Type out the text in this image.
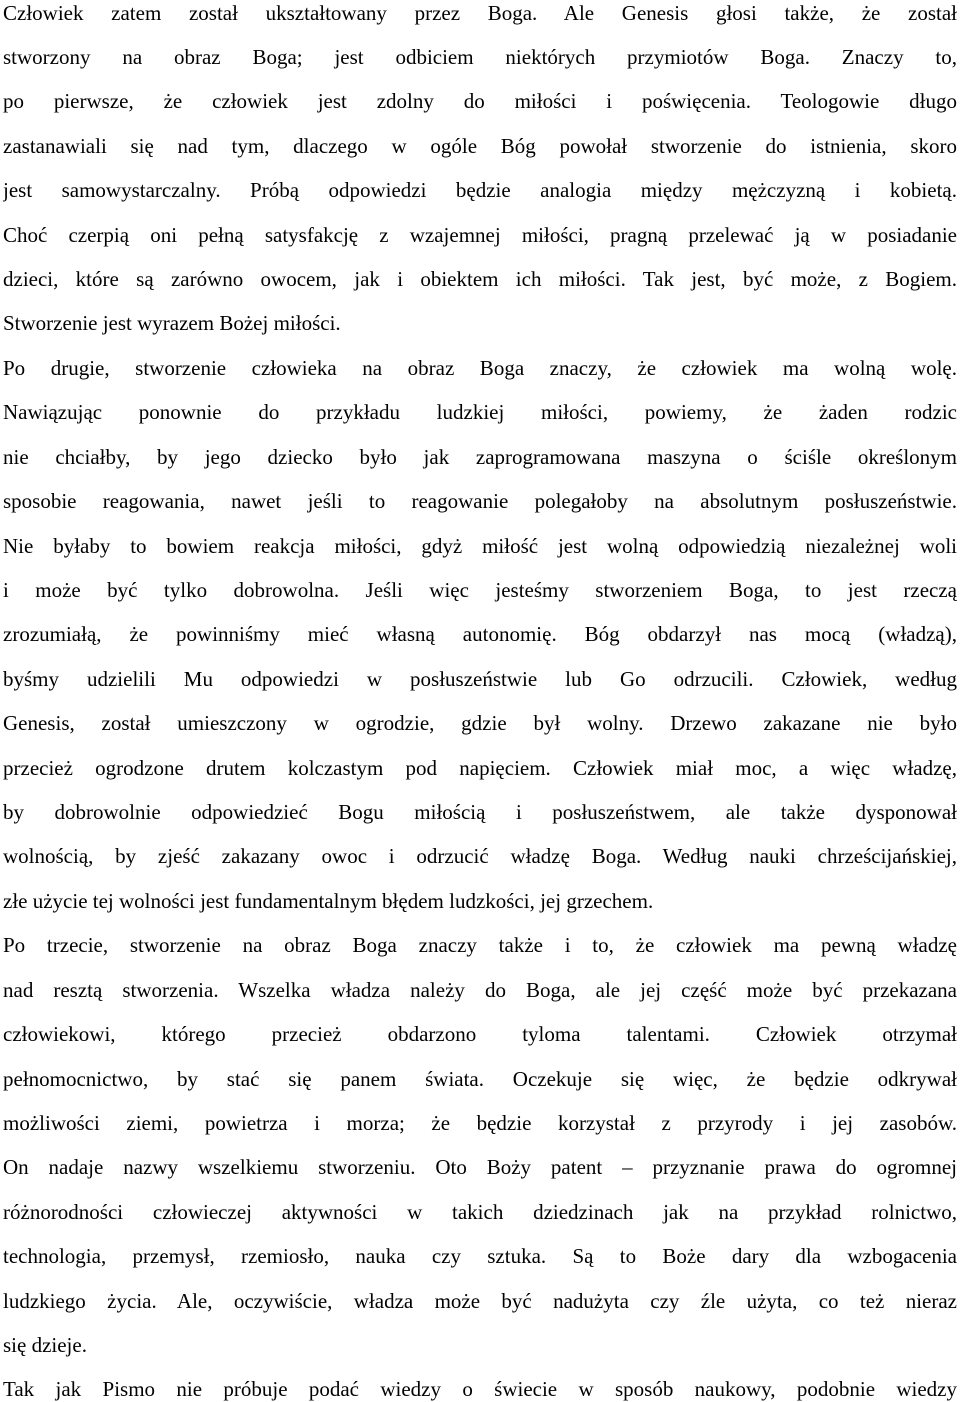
Człowiek zatem został ukształtowany przez Boga. Ale Genesis głosi także, że został
stworzony na obraz Boga; jest odbiciem niektórych przymiotów Boga. Znaczy to,
po pierwsze, że człowiek jest zdolny do miłości i poświęcenia. Teologowie długo
zastanawiali się nad tym, dlaczego w ogóle Bóg powołał stworzenie do istnienia, skoro
jest samowystarczalny. Próbą odpowiedzi będzie analogia między mężczyzną i kobietą.
Choć czerpią oni pełną satysfakcję z wzajemnej miłości, pragną przelewać ją w posiadanie
dzieci, które są zarówno owocem, jak i obiektem ich miłości. Tak jest, być może, z Bogiem.
Stworzenie jest wyrazem Bożej miłości.
Po drugie, stworzenie człowieka na obraz Boga znaczy, że człowiek ma wolną wolę.
Nawiązując ponownie do przykładu ludzkiej miłości, powiemy, że żaden rodzic
nie chciałby, by jego dziecko było jak zaprogramowana maszyna o ściśle określonym
sposobie reagowania, nawet jeśli to reagowanie polegałoby na absolutnym posłuszeństwie.
Nie byłaby to bowiem reakcja miłości, gdyż miłość jest wolną odpowiedzią niezależnej woli
i może być tylko dobrowolna. Jeśli więc jesteśmy stworzeniem Boga, to jest rzeczą
zrozumiałą, że powinniśmy mieć własną autonomię. Bóg obdarzył nas mocą (władzą),
byśmy udzielili Mu odpowiedzi w posłuszeństwie lub Go odrzucili. Człowiek, według
Genesis, został umieszczony w ogrodzie, gdzie był wolny. Drzewo zakazane nie było
przecież ogrodzone drutem kolczastym pod napięciem. Człowiek miał moc, a więc władzę,
by dobrowolnie odpowiedzieć Bogu miłością i posłuszeństwem, ale także dysponował
wolnością, by zjeść zakazany owoc i odrzucić władzę Boga. Według nauki chrześcijańskiej,
złe użycie tej wolności jest fundamentalnym błędem ludzkości, jej grzechem.
Po trzecie, stworzenie na obraz Boga znaczy także i to, że człowiek ma pewną władzę
nad resztą stworzenia. Wszelka władza należy do Boga, ale jej część może być przekazana
człowiekowi, którego przecież obdarzono tyloma talentami. Człowiek otrzymał
pełnomocnictwo, by stać się panem świata. Oczekuje się więc, że będzie odkrywał
możliwości ziemi, powietrza i morza; że będzie korzystał z przyrody i jej zasobów.
On nadaje nazwy wszelkiemu stworzeniu. Oto Boży patent – przyznanie prawa do ogromnej
różnorodności człowieczej aktywności w takich dziedzinach jak na przykład rolnictwo,
technologia, przemysł, rzemiosło, nauka czy sztuka. Są to Boże dary dla wzbogacenia
ludzkiego życia. Ale, oczywiście, władza może być nadużyta czy źle użyta, co też nieraz
się dzieje.
Tak jak Pismo nie próbuje podać wiedzy o świecie w sposób naukowy, podobnie wiedzy
